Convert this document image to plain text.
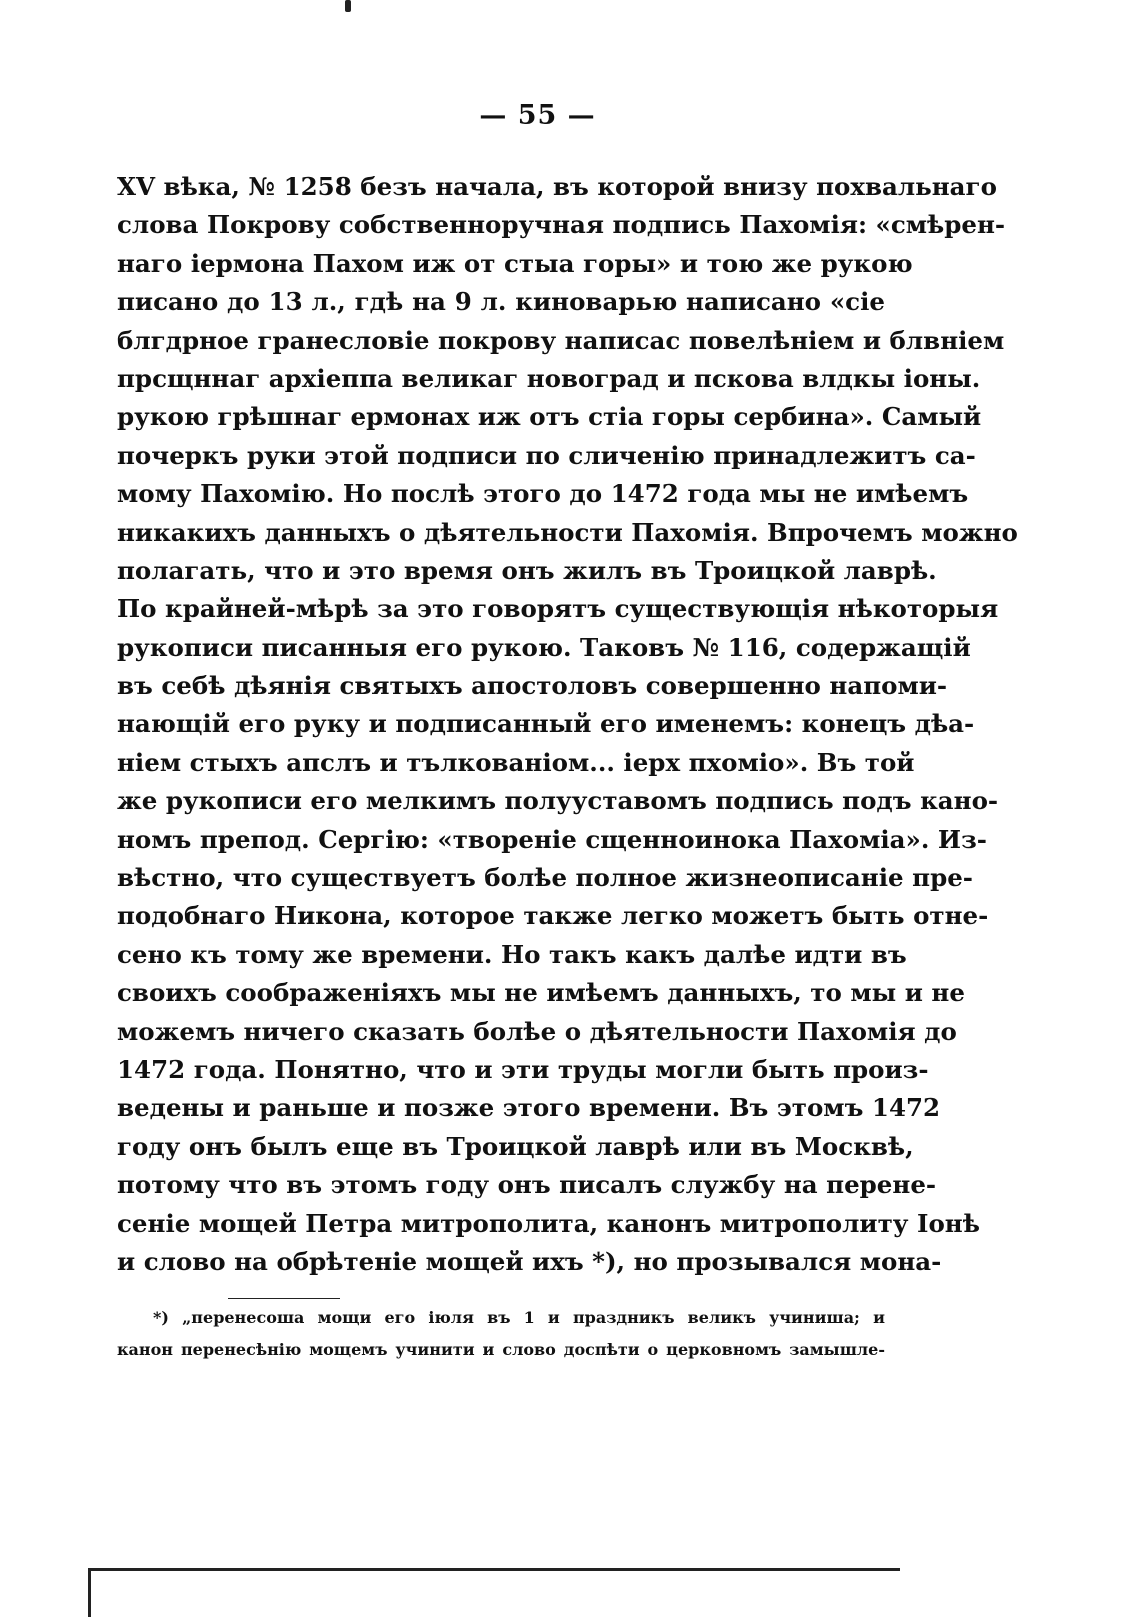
— 55 —
XV вѣка, № 1258 безъ начала, въ которой внизу похвальнаго
слова Покрову собственноручная подпись Пахомія: «смѣрен-
наго іермона Пахом иж от стыа горы» и тою же рукою
писано до 13 л., гдѣ на 9 л. киноварью написано «сіе
блгдрное гранесловіе покрову написас повелѣніем и блвніем
прсщннаг архіеппа великаг новоград и пскова влдкы іоны.
рукою грѣшнаг ермонах иж отъ стіа горы сербина». Самый
почеркъ руки этой подписи по сличенію принадлежитъ са-
мому Пахомію. Но послѣ этого до 1472 года мы не имѣемъ
никакихъ данныхъ о дѣятельности Пахомія. Впрочемъ можно
полагать, что и это время онъ жилъ въ Троицкой лаврѣ.
По крайней-мѣрѣ за это говорятъ существующія нѣкоторыя
рукописи писанныя его рукою. Таковъ № 116, содержащій
въ себѣ дѣянія святыхъ апостоловъ совершенно напоми-
нающій его руку и подписанный его именемъ: конецъ дѣа-
ніем стыхъ апслъ и тълкованіом... іерх пхоміо». Въ той
же рукописи его мелкимъ полууставомъ подпись подъ кано-
номъ препод. Сергію: «твореніе сщенноинока Пахоміа». Из-
вѣстно, что существуетъ болѣе полное жизнеописаніе пре-
подобнаго Никона, которое также легко можетъ быть отне-
сено къ тому же времени. Но такъ какъ далѣе идти въ
своихъ соображеніяхъ мы не имѣемъ данныхъ, то мы и не
можемъ ничего сказать болѣе о дѣятельности Пахомія до
1472 года. Понятно, что и эти труды могли быть произ-
ведены и раньше и позже этого времени. Въ этомъ 1472
году онъ былъ еще въ Троицкой лаврѣ или въ Москвѣ,
потому что въ этомъ году онъ писалъ службу на перене-
сеніе мощей Петра митрополита, канонъ митрополиту Іонѣ
и слово на обрѣтеніе мощей ихъ *), но прозывался мона-
*) „перенесоша мощи его іюля въ 1 и праздникъ великъ учиниша; и
канон перенесѣнію мощемъ учинити и слово доспѣти о церковномъ замышле-
